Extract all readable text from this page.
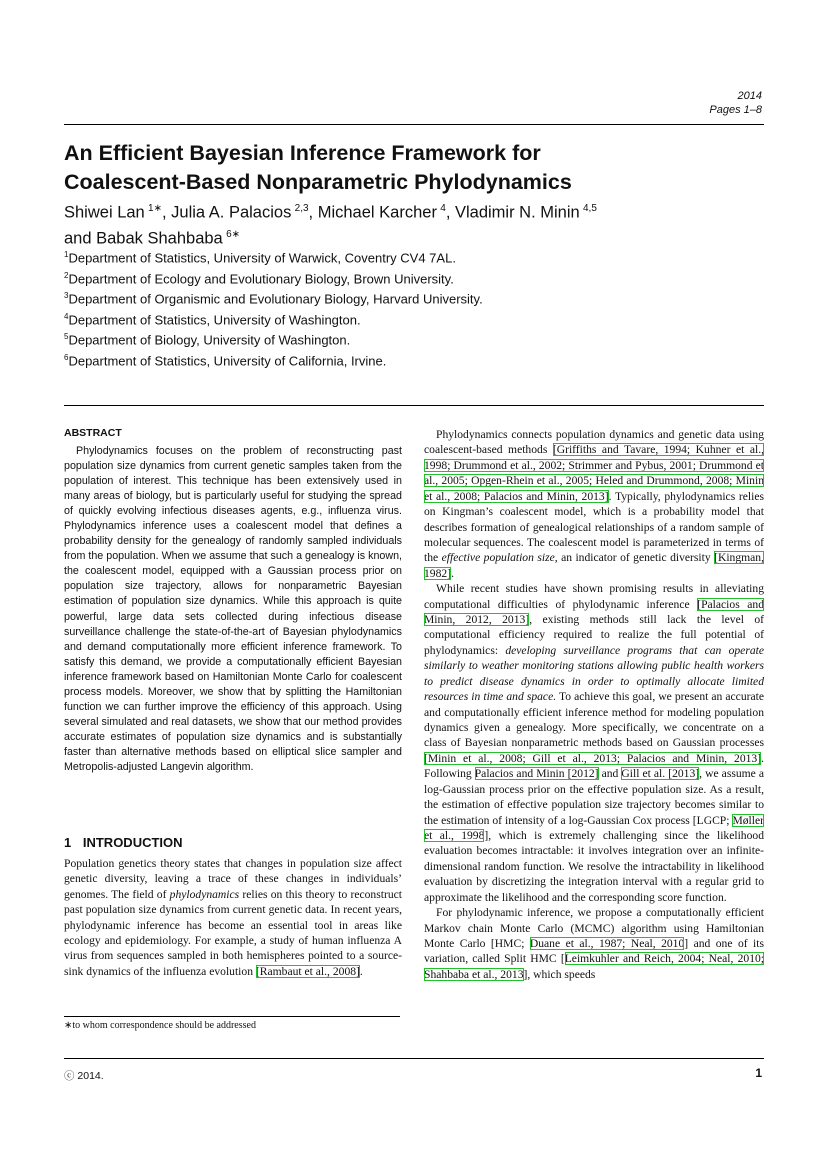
2014
Pages 1–8
An Efficient Bayesian Inference Framework for
Coalescent-Based Nonparametric Phylodynamics
Shiwei Lan  $^{1∗}$, Julia A. Palacios  $^{2,3}$, Michael Karcher  $^4$, Vladimir N. Minin  $^{4,5}$
and Babak Shahbaba  $^{6∗}$
$^1$Department of Statistics, University of Warwick, Coventry CV4 7AL.
$^2$Department of Ecology and Evolutionary Biology, Brown University.
$^3$Department of Organismic and Evolutionary Biology, Harvard University.
$^4$Department of Statistics, University of Washington.
$^5$Department of Biology, University of Washington.
$^6$Department of Statistics, University of California, Irvine.
ABSTRACT

Phylodynamics focuses on the problem of reconstructing past population size dynamics from current genetic samples taken from the population of interest. This technique has been extensively used in many areas of biology, but is particularly useful for studying the spread of quickly evolving infectious diseases agents, e.g., influenza virus. Phylodynamics inference uses a coalescent model that defines a probability density for the genealogy of randomly sampled individuals from the population. When we assume that such a genealogy is known, the coalescent model, equipped with a Gaussian process prior on population size trajectory, allows for nonparametric Bayesian estimation of population size dynamics. While this approach is quite powerful, large data sets collected during infectious disease surveillance challenge the state-of-the-art of Bayesian phylodynamics and demand computationally more efficient inference framework. To satisfy this demand, we provide a computationally efficient Bayesian inference framework based on Hamiltonian Monte Carlo for coalescent process models. Moreover, we show that by splitting the Hamiltonian function we can further improve the efficiency of this approach. Using several simulated and real datasets, we show that our method provides accurate estimates of population size dynamics and is substantially faster than alternative methods based on elliptical slice sampler and Metropolis-adjusted Langevin algorithm.

1 INTRODUCTION

Population genetics theory states that changes in population size affect genetic diversity, leaving a trace of these changes in individuals’ genomes. The field of phylodynamics relies on this theory to reconstruct past population size dynamics from current genetic data. In recent years, phylodynamic inference has become an essential tool in areas like ecology and epidemiology. For example, a study of human influenza A virus from sequences sampled in both hemispheres pointed to a source-sink dynamics of the influenza evolution [Rambaut et al., 2008].

Phylodynamics connects population dynamics and genetic data using coalescent-based methods [Griffiths and Tavare, 1994; Kuhner et al., 1998; Drummond et al., 2002; Strimmer and Pybus, 2001; Drummond et al., 2005; Opgen-Rhein et al., 2005; Heled and Drummond, 2008; Minin et al., 2008; Palacios and Minin, 2013]. Typically, phylodynamics relies on Kingman’s coalescent model, which is a probability model that describes formation of genealogical relationships of a random sample of molecular sequences. The coalescent model is parameterized in terms of the effective population size, an indicator of genetic diversity [Kingman, 1982].

While recent studies have shown promising results in alleviating computational difficulties of phylodynamic inference [Palacios and Minin, 2012, 2013], existing methods still lack the level of computational efficiency required to realize the full potential of phylodynamics: developing surveillance programs that can operate similarly to weather monitoring stations allowing public health workers to predict disease dynamics in order to optimally allocate limited resources in time and space. To achieve this goal, we present an accurate and computationally efficient inference method for modeling population dynamics given a genealogy. More specifically, we concentrate on a class of Bayesian nonparametric methods based on Gaussian processes [Minin et al., 2008; Gill et al., 2013; Palacios and Minin, 2013]. Following Palacios and Minin [2012] and Gill et al. [2013], we assume a log-Gaussian process prior on the effective population size. As a result, the estimation of effective population size trajectory becomes similar to the estimation of intensity of a log-Gaussian Cox process [LGCP; Møller et al., 1998], which is extremely challenging since the likelihood evaluation becomes intractable: it involves integration over an infinite-dimensional random function. We resolve the intractability in likelihood evaluation by discretizing the integration interval with a regular grid to approximate the likelihood and the corresponding score function.

For phylodynamic inference, we propose a computationally efficient Markov chain Monte Carlo (MCMC) algorithm using Hamiltonian Monte Carlo [HMC; Duane et al., 1987; Neal, 2010] and one of its variation, called Split HMC [Leimkuhler and Reich, 2004; Neal, 2010; Shahbaba et al., 2013], which speeds

∗to whom correspondence should be addressed
ⓒ 2014.	1
